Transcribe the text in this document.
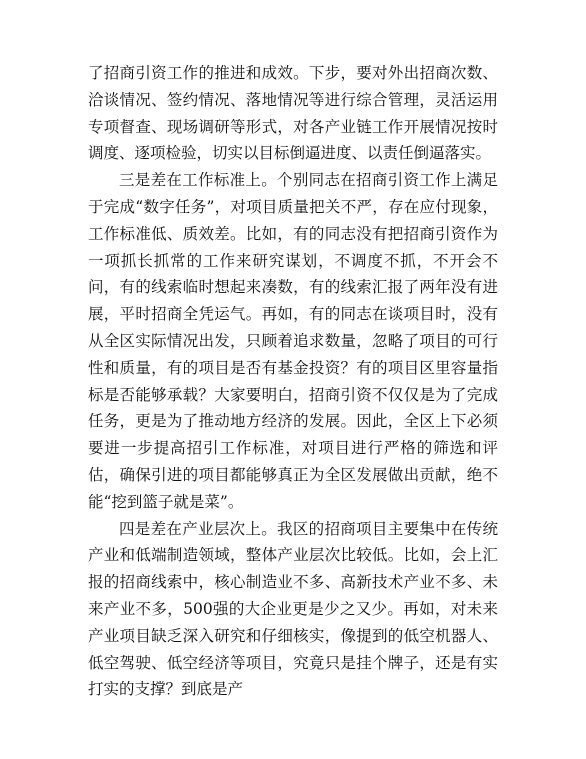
了招商引资工作的推进和成效。下步，要对外出招商次数、洽谈情况、签约情况、落地情况等进行综合管理，灵活运用专项督查、现场调研等形式，对各产业链工作开展情况按时调度、逐项检验，切实以目标倒逼进度、以责任倒逼落实。

三是差在工作标准上。个别同志在招商引资工作上满足于完成“数字任务”，对项目质量把关不严，存在应付现象，工作标准低、质效差。比如，有的同志没有把招商引资作为一项抓长抓常的工作来研究谋划，不调度不抓，不开会不问，有的线索临时想起来凑数，有的线索汇报了两年没有进展，平时招商全凭运气。再如，有的同志在谈项目时，没有从全区实际情况出发，只顾着追求数量，忽略了项目的可行性和质量，有的项目是否有基金投资？有的项目区里容量指标是否能够承载？大家要明白，招商引资不仅仅是为了完成任务，更是为了推动地方经济的发展。因此，全区上下必须要进一步提高招引工作标准，对项目进行严格的筛选和评估，确保引进的项目都能够真正为全区发展做出贡献，绝不能“挖到篮子就是菜”。

四是差在产业层次上。我区的招商项目主要集中在传统产业和低端制造领域，整体产业层次比较低。比如，会上汇报的招商线索中，核心制造业不多、高新技术产业不多、未来产业不多，500强的大企业更是少之又少。再如，对未来产业项目缺乏深入研究和仔细核实，像提到的低空机器人、低空驾驶、低空经济等项目，究竟只是挂个牌子，还是有实打实的支撑？到底是产
